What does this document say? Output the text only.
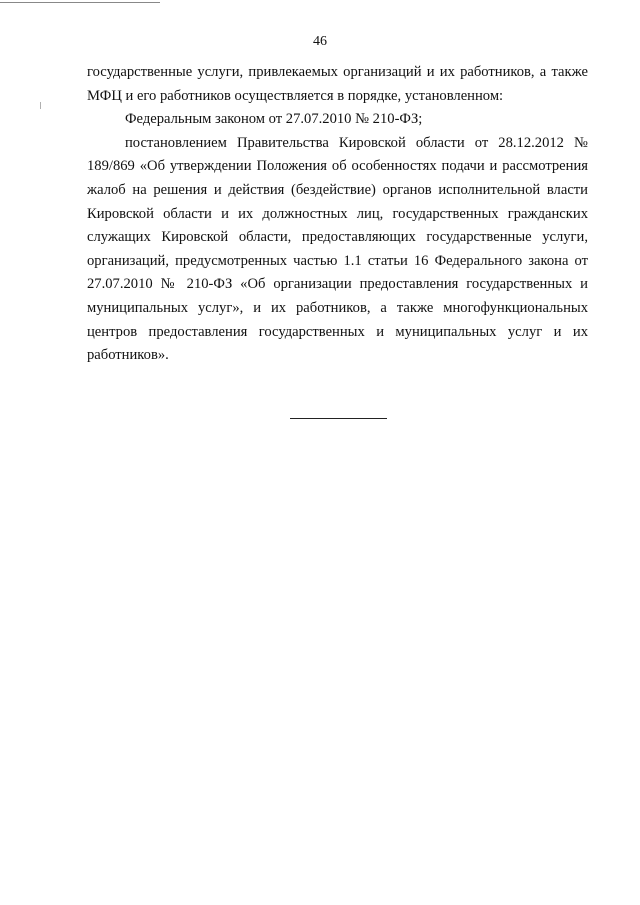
46

государственные услуги, привлекаемых организаций и их работников, а также МФЦ и его работников осуществляется в порядке, установленном:

Федеральным законом от 27.07.2010 № 210-ФЗ;

постановлением Правительства Кировской области от 28.12.2012 № 189/869 «Об утверждении Положения об особенностях подачи и рассмотрения жалоб на решения и действия (бездействие) органов исполнительной власти Кировской области и их должностных лиц, государственных гражданских служащих Кировской области, предоставляющих государственные услуги, организаций, предусмотренных частью 1.1 статьи 16 Федерального закона от 27.07.2010 № 210-ФЗ «Об организации предоставления государственных и муниципальных услуг», и их работников, а также многофункциональных центров предоставления государственных и муниципальных услуг и их работников».
